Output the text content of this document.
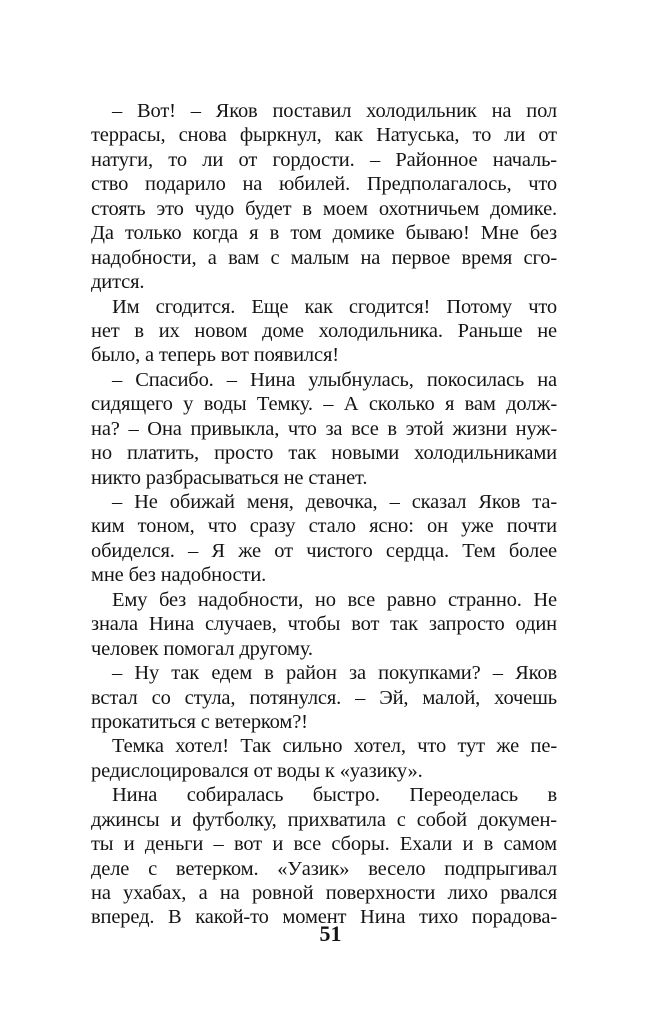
– Вот! – Яков поставил холодильник на пол
террасы, снова фыркнул, как Натуська, то ли от
натуги, то ли от гордости. – Районное началь-
ство подарило на юбилей. Предполагалось, что
стоять это чудо будет в моем охотничьем домике.
Да только когда я в том домике бываю! Мне без
надобности, а вам с малым на первое время сго-
дится.
Им сгодится. Еще как сгодится! Потому что
нет в их новом доме холодильника. Раньше не
было, а теперь вот появился!
– Спасибо. – Нина улыбнулась, покосилась на
сидящего у воды Темку. – А сколько я вам долж-
на? – Она привыкла, что за все в этой жизни нуж-
но платить, просто так новыми холодильниками
никто разбрасываться не станет.
– Не обижай меня, девочка, – сказал Яков та-
ким тоном, что сразу стало ясно: он уже почти
обиделся. – Я же от чистого сердца. Тем более
мне без надобности.
Ему без надобности, но все равно странно. Не
знала Нина случаев, чтобы вот так запросто один
человек помогал другому.
– Ну так едем в район за покупками? – Яков
встал со стула, потянулся. – Эй, малой, хочешь
прокатиться с ветерком?!
Темка хотел! Так сильно хотел, что тут же пе-
редислоцировался от воды к «уазику».
Нина собиралась быстро. Переоделась в
джинсы и футболку, прихватила с собой докумен-
ты и деньги – вот и все сборы. Ехали и в самом
деле с ветерком. «Уазик» весело подпрыгивал
на ухабах, а на ровной поверхности лихо рвался
вперед. В какой-то момент Нина тихо порадова-
51
